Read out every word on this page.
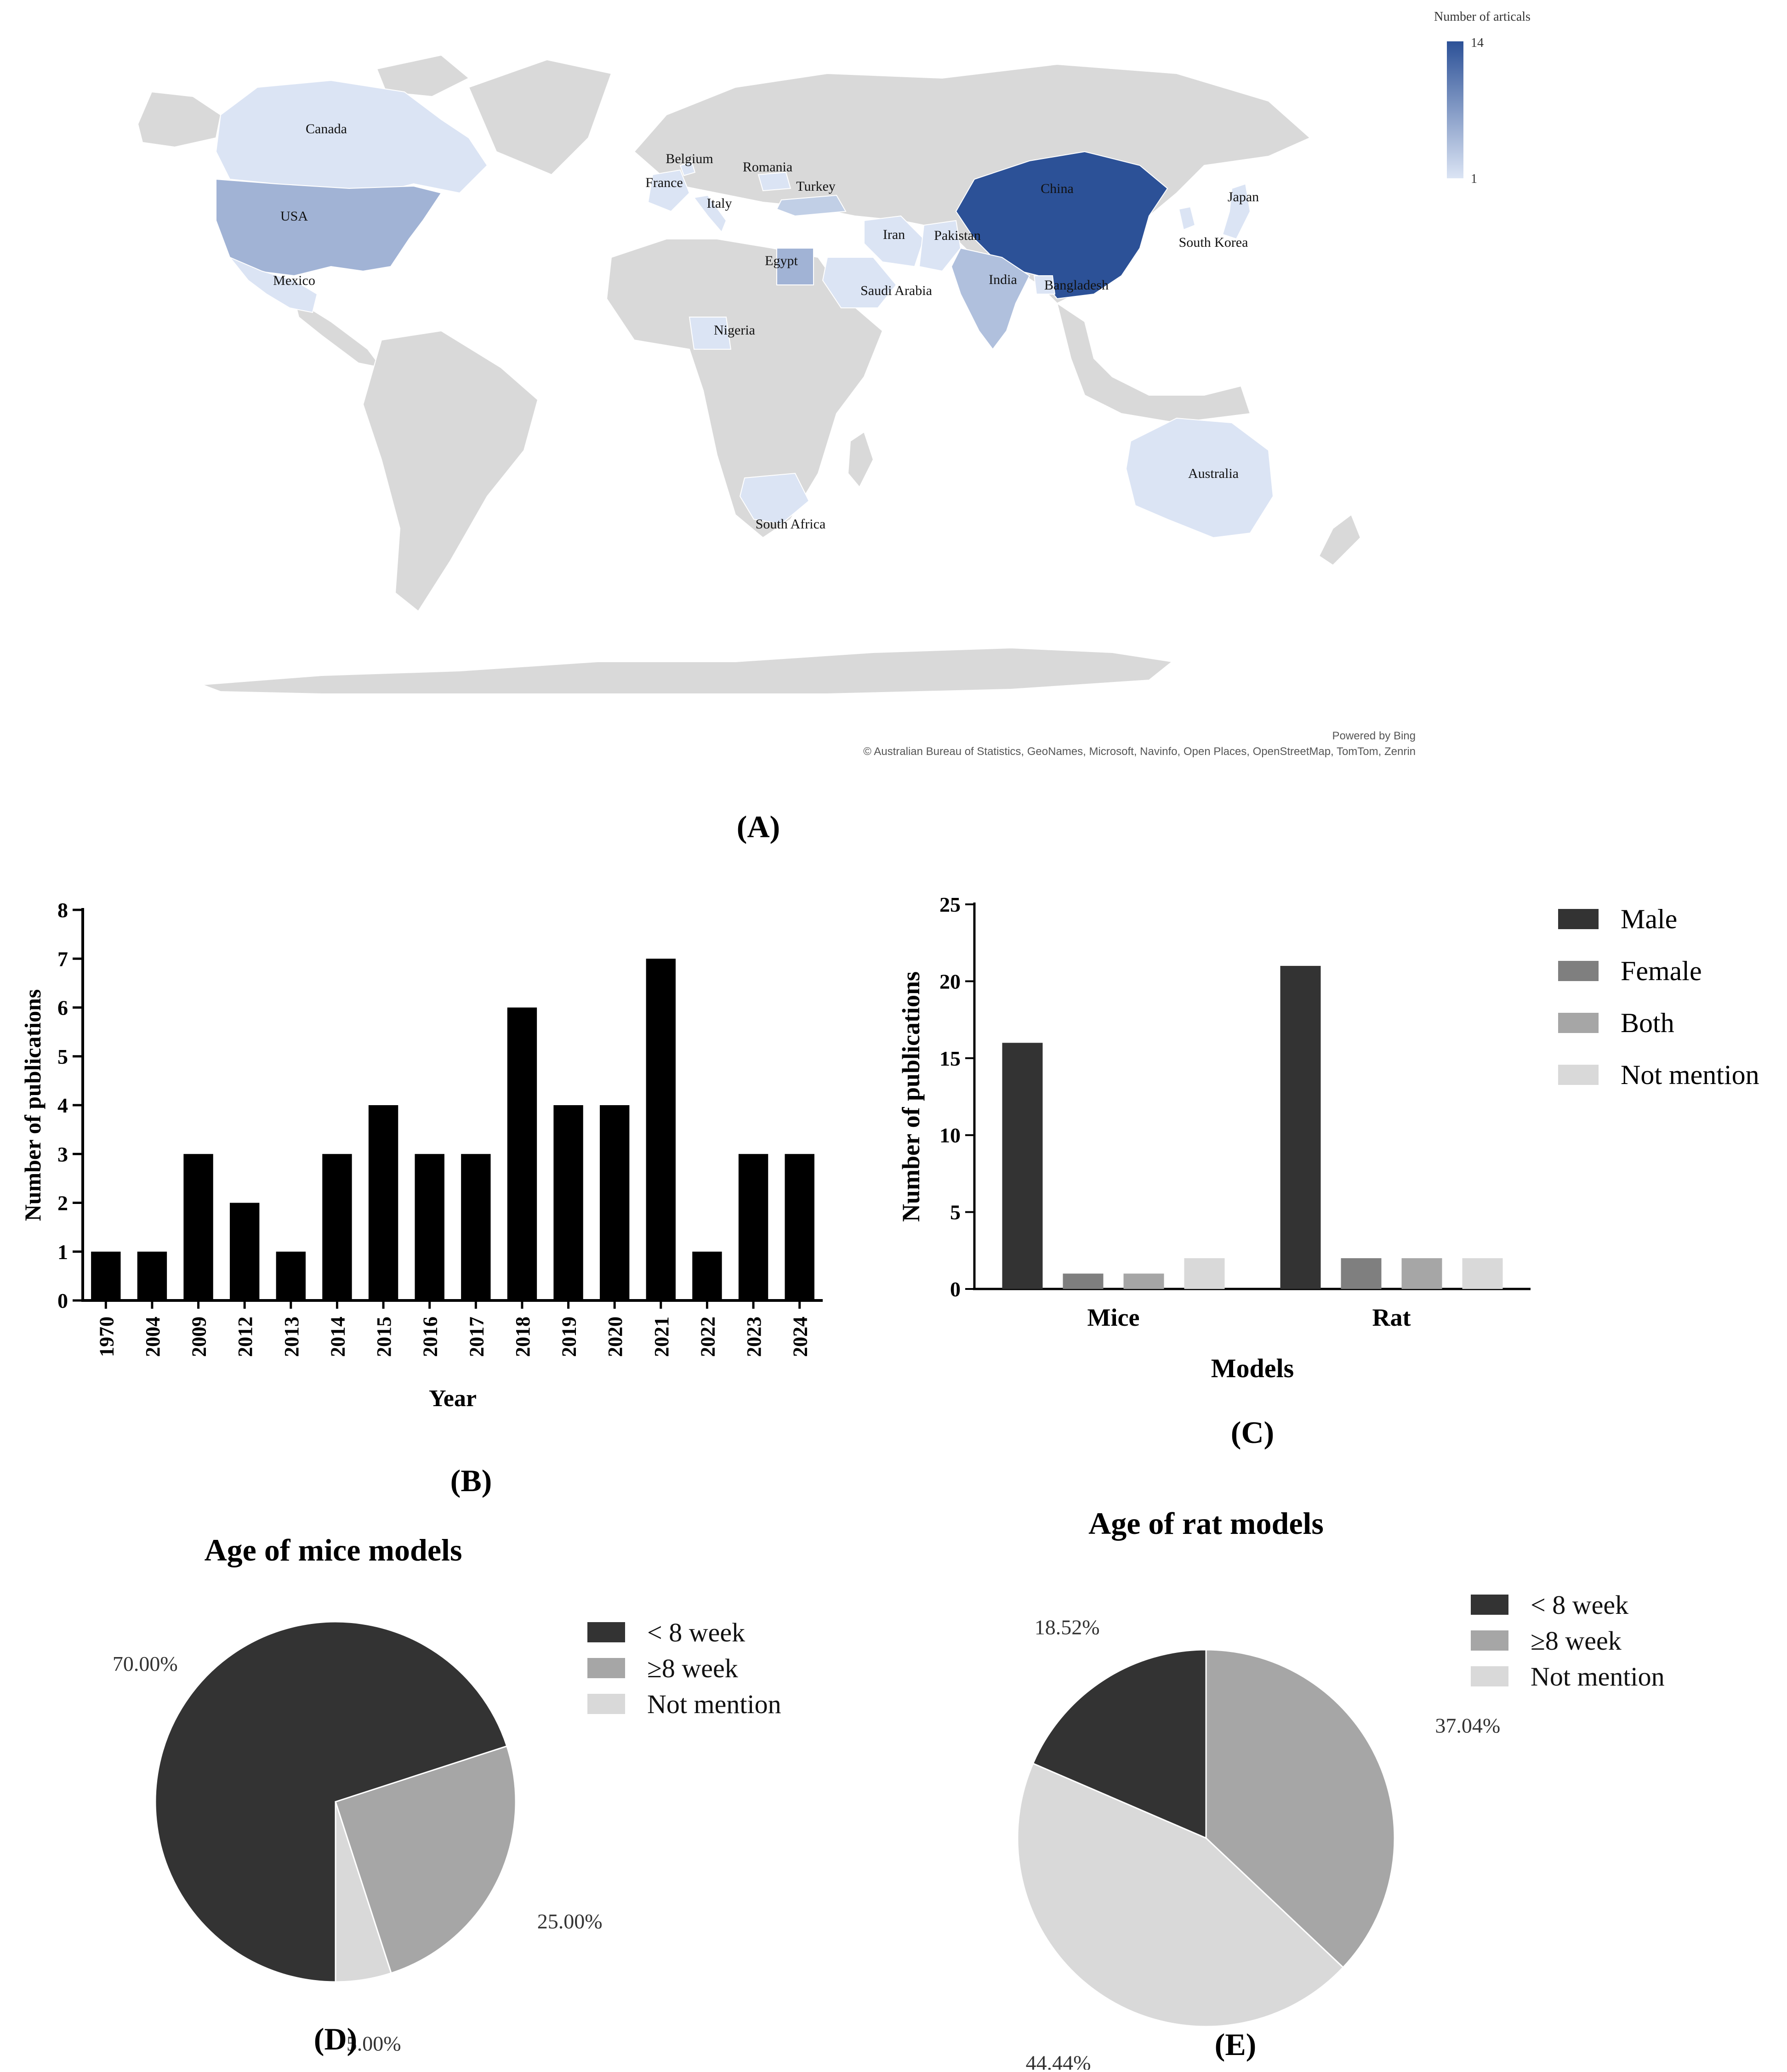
Canada
USA
Mexico
Belgium
Romania
France	Turkey
Italy
China
Japan
Iran Pakistan	South Korea
Egypt
Saudi Arabia
India Bangladesh
Nigeria
Australia
South Africa
Number of articals
14
1
Powered by Bing
© Australian Bureau of Statistics, GeoNames, Microsoft, Navinfo, Open Places, OpenStreetMap, TomTom, Zenrin
(A)
0
1
2
3
4
5
6
7
8
1970 2004 2009 2012 2013 2014 2015 2016 2017 2018 2019 2020 2021 2022 2023 2024
Year
Number of publications
(B)
0
5
10
15
20
25
Mice	Rat
Models
Number of publications
Male
Female
Both
Not mention
(C)
Age of mice models
70.00%
25.00%
5.00%
< 8 week
≥8 week
Not mention
(D)
Age of rat models
18.52%
37.04%
44.44%
< 8 week
≥8 week
Not mention
(E)
